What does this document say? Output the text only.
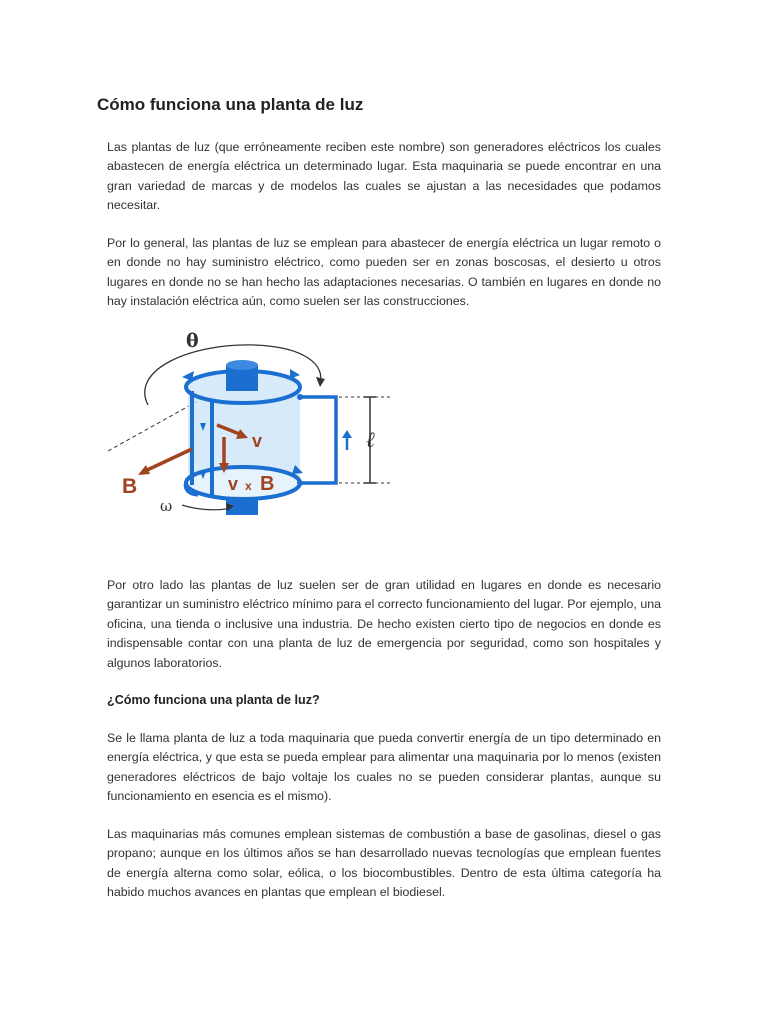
Cómo funciona una planta de luz

Las plantas de luz (que erróneamente reciben este nombre) son generadores eléctricos los cuales abastecen de energía eléctrica un determinado lugar. Esta maquinaria se puede encontrar en una gran variedad de marcas y de modelos las cuales se ajustan a las necesidades que podamos necesitar.

Por lo general, las plantas de luz se emplean para abastecer de energía eléctrica un lugar remoto o en donde no hay suministro eléctrico, como pueden ser en zonas boscosas, el desierto u otros lugares en donde no se han hecho las adaptaciones necesarias. O también en lugares en donde no hay instalación eléctrica aún, como suelen ser las construcciones.

θ
v
B	v x B
ℓ
ω

Por otro lado las plantas de luz suelen ser de gran utilidad en lugares en donde es necesario garantizar un suministro eléctrico mínimo para el correcto funcionamiento del lugar. Por ejemplo, una oficina, una tienda o inclusive una industria. De hecho existen cierto tipo de negocios en donde es indispensable contar con una planta de luz de emergencia por seguridad, como son hospitales y algunos laboratorios.

¿Cómo funciona una planta de luz?

Se le llama planta de luz a toda maquinaria que pueda convertir energía de un tipo determinado en energía eléctrica, y que esta se pueda emplear para alimentar una maquinaria por lo menos (existen generadores eléctricos de bajo voltaje los cuales no se pueden considerar plantas, aunque su funcionamiento en esencia es el mismo).

Las maquinarias más comunes emplean sistemas de combustión a base de gasolinas, diesel o gas propano; aunque en los últimos años se han desarrollado nuevas tecnologías que emplean fuentes de energía alterna como solar, eólica, o los biocombustibles. Dentro de esta última categoría ha habido muchos avances en plantas que emplean el biodiesel.
